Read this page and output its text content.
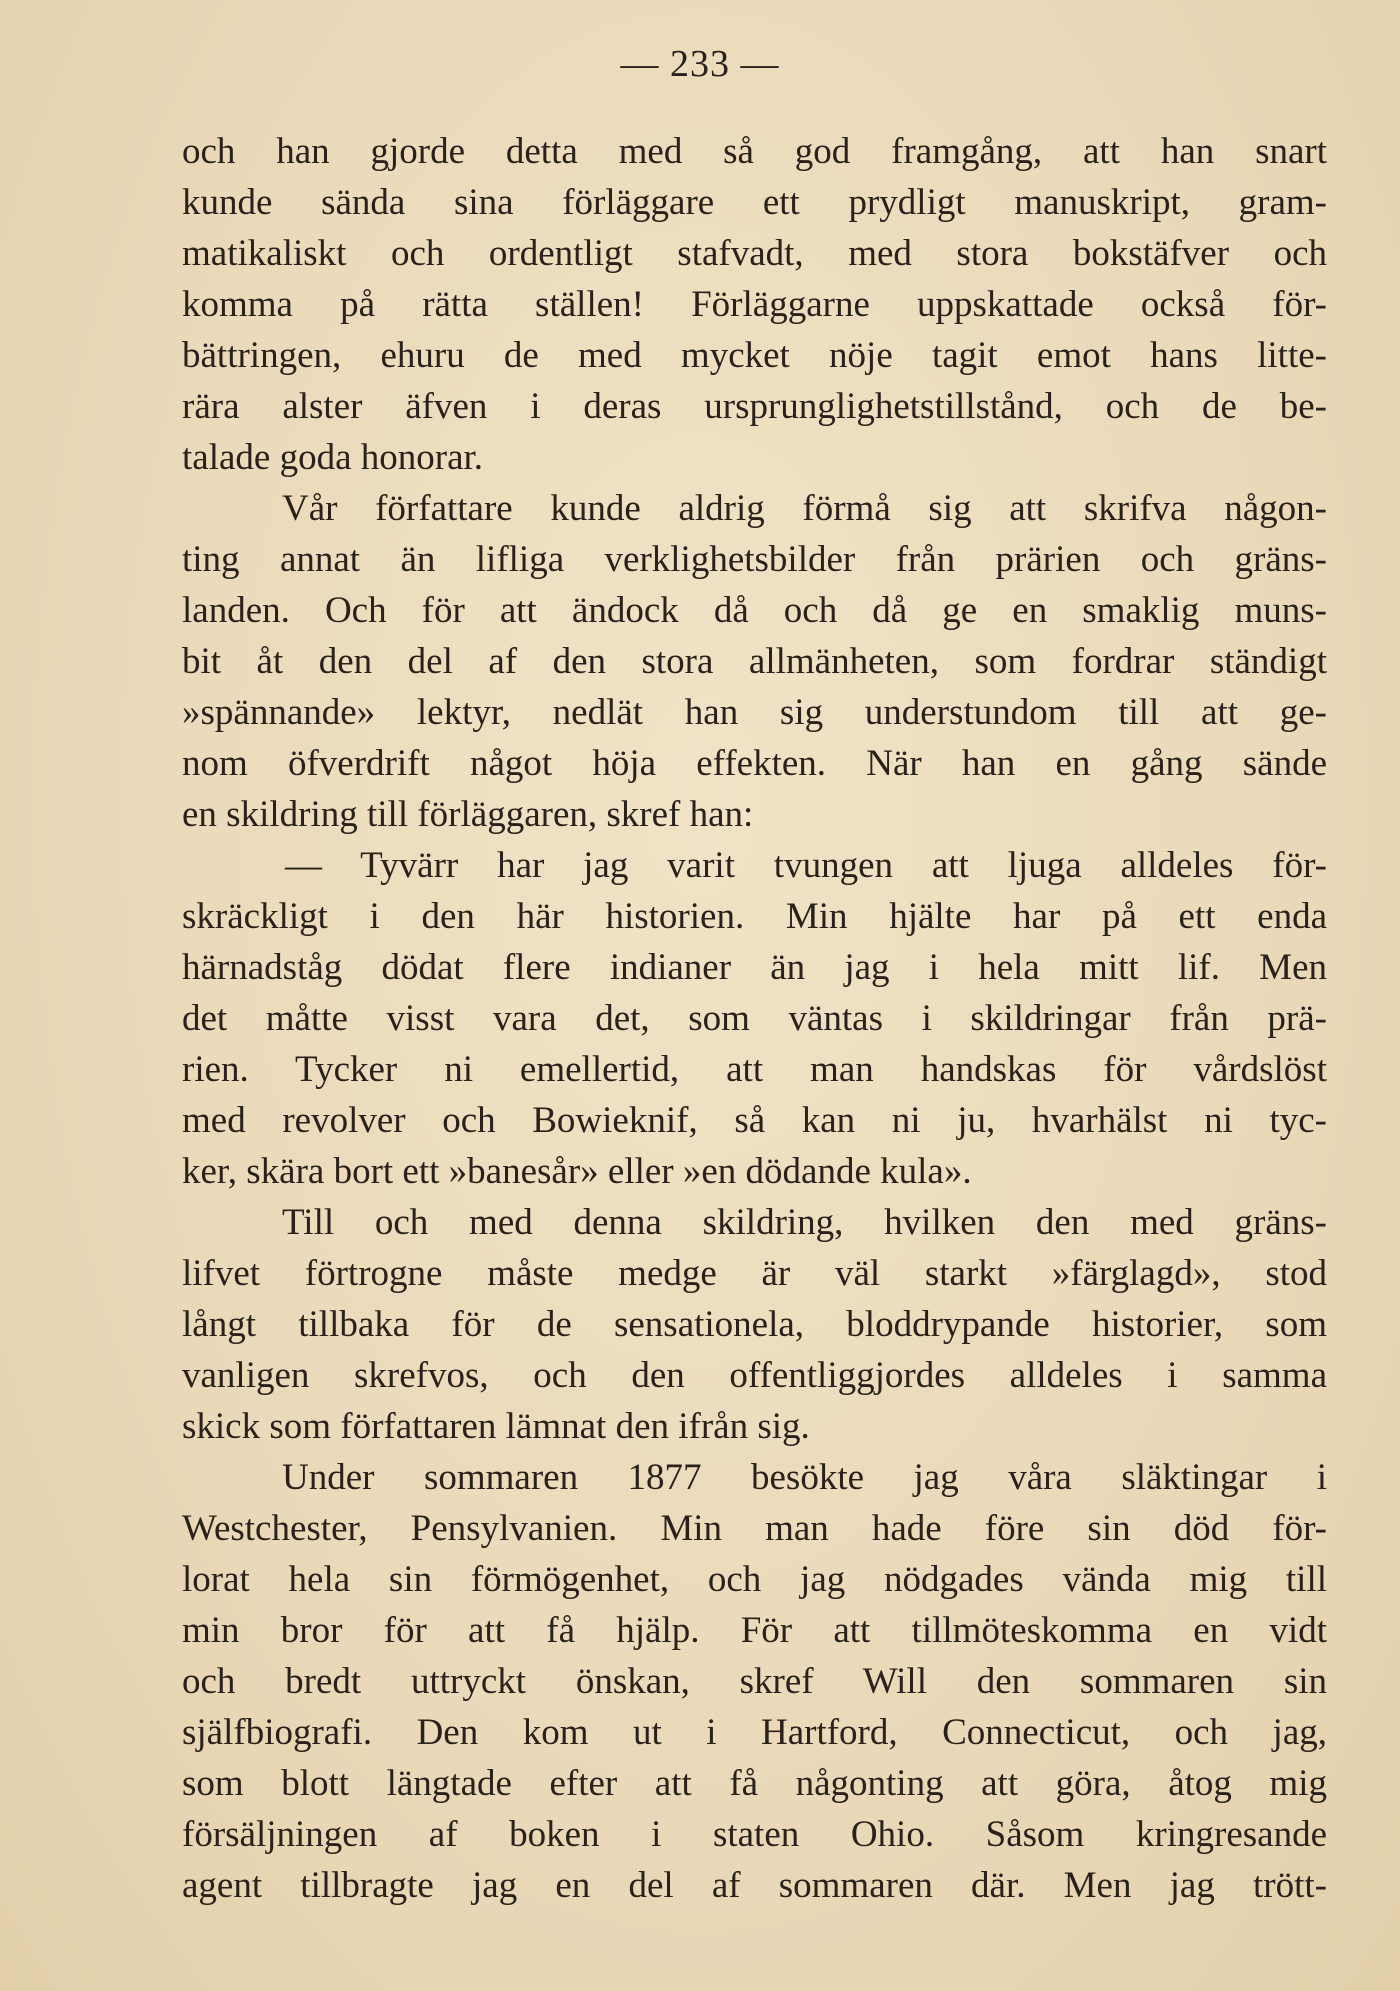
— 233 —
och han gjorde detta med så god framgång, att han snart
kunde sända sina förläggare ett prydligt manuskript, gram-
matikaliskt och ordentligt stafvadt, med stora bokstäfver och
komma på rätta ställen! Förläggarne uppskattade också för-
bättringen, ehuru de med mycket nöje tagit emot hans litte-
rära alster äfven i deras ursprunglighetstillstånd, och de be-
talade goda honorar.
Vår författare kunde aldrig förmå sig att skrifva någon-
ting annat än lifliga verklighetsbilder från prärien och gräns-
landen. Och för att ändock då och då ge en smaklig muns-
bit åt den del af den stora allmänheten, som fordrar ständigt
»spännande» lektyr, nedlät han sig understundom till att ge-
nom öfverdrift något höja effekten. När han en gång sände
en skildring till förläggaren, skref han:
— Tyvärr har jag varit tvungen att ljuga alldeles för-
skräckligt i den här historien. Min hjälte har på ett enda
härnadståg dödat flere indianer än jag i hela mitt lif. Men
det måtte visst vara det, som väntas i skildringar från prä-
rien. Tycker ni emellertid, att man handskas för vårdslöst
med revolver och Bowieknif, så kan ni ju, hvarhälst ni tyc-
ker, skära bort ett »banesår» eller »en dödande kula».
Till och med denna skildring, hvilken den med gräns-
lifvet förtrogne måste medge är väl starkt »färglagd», stod
långt tillbaka för de sensationela, bloddrypande historier, som
vanligen skrefvos, och den offentliggjordes alldeles i samma
skick som författaren lämnat den ifrån sig.
Under sommaren 1877 besökte jag våra släktingar i
Westchester, Pensylvanien. Min man hade före sin död för-
lorat hela sin förmögenhet, och jag nödgades vända mig till
min bror för att få hjälp. För att tillmöteskomma en vidt
och bredt uttryckt önskan, skref Will den sommaren sin
själfbiografi. Den kom ut i Hartford, Connecticut, och jag,
som blott längtade efter att få någonting att göra, åtog mig
försäljningen af boken i staten Ohio. Såsom kringresande
agent tillbragte jag en del af sommaren där. Men jag trött-
